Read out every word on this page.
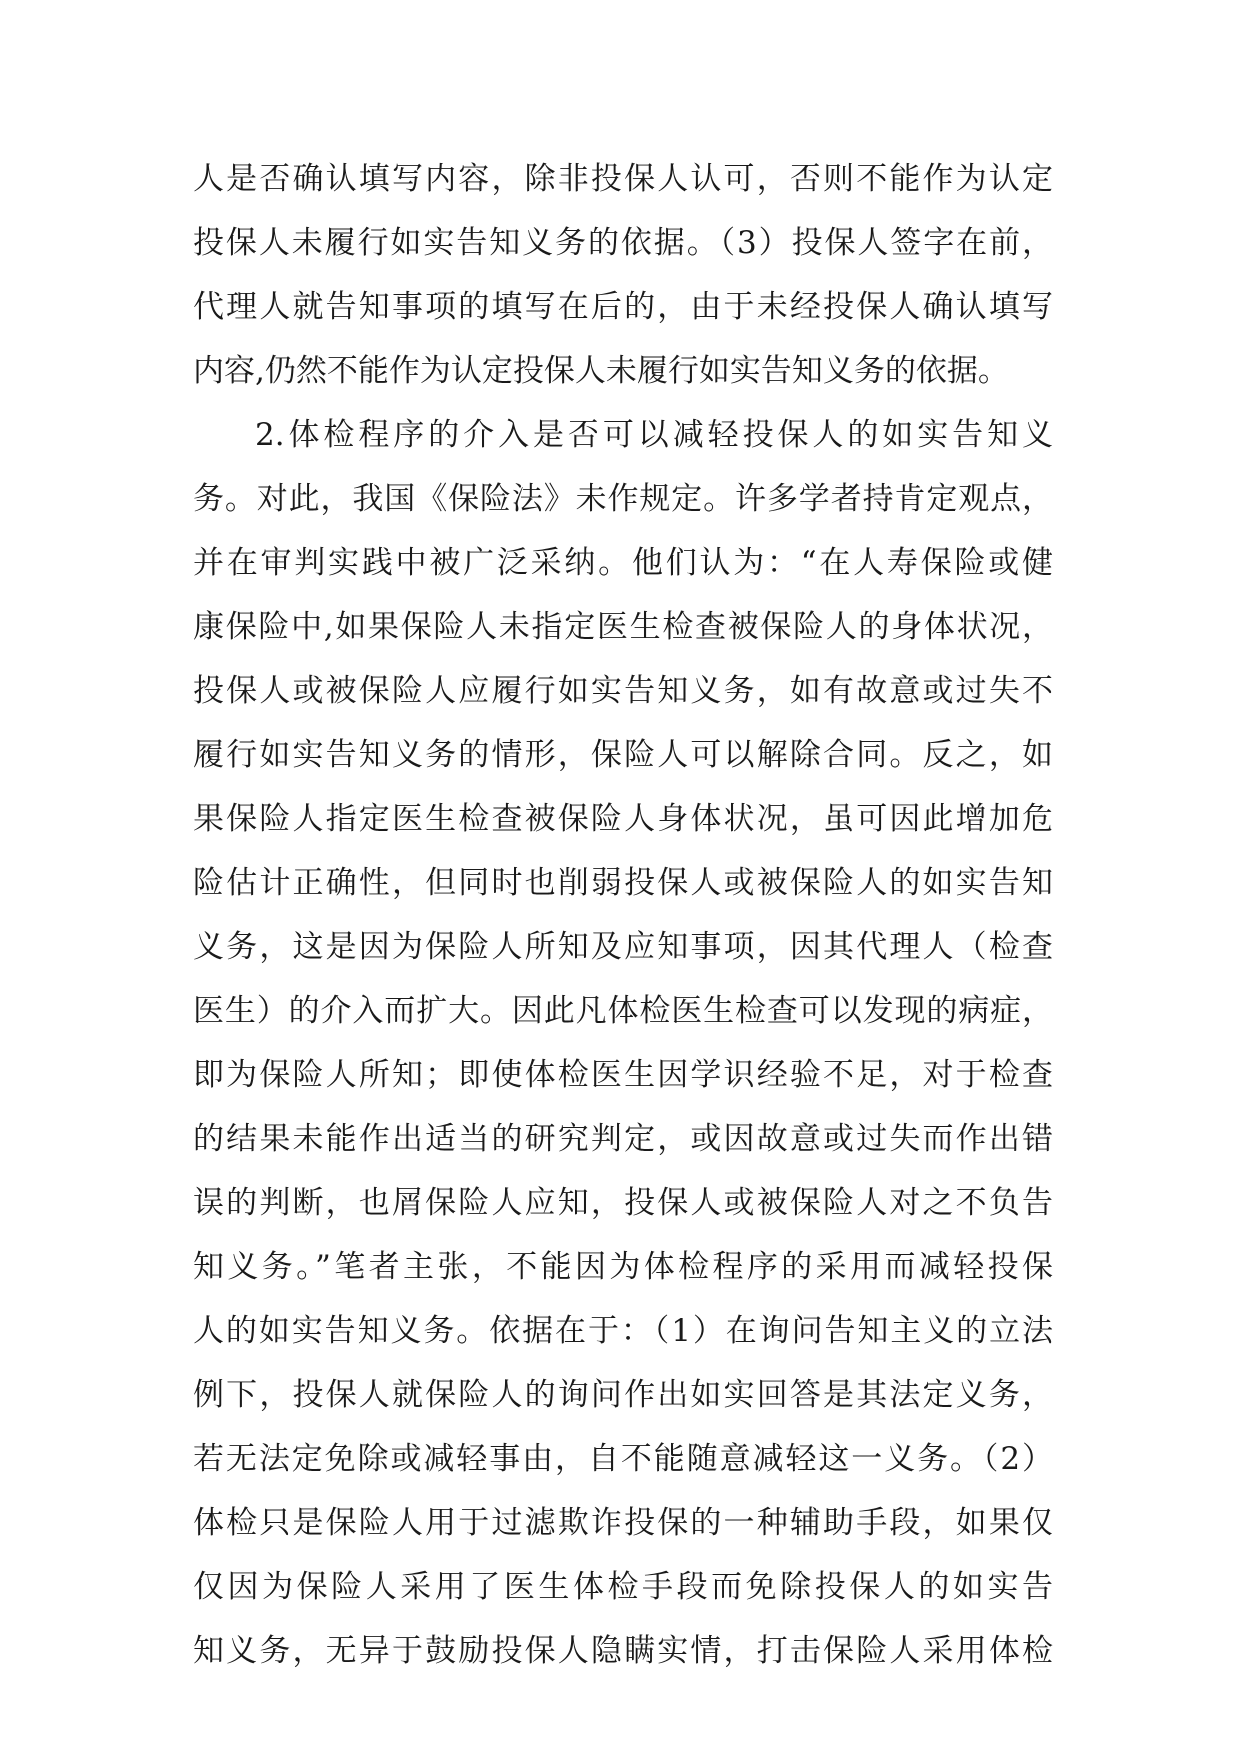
人是否确认填写内容，除非投保人认可，否则不能作为认定
投保人未履行如实告知义务的依据。（3）投保人签字在前，
代理人就告知事项的填写在后的，由于未经投保人确认填写
内容,仍然不能作为认定投保人未履行如实告知义务的依据。
2.体检程序的介入是否可以减轻投保人的如实告知义
务。对此，我国《保险法》未作规定。许多学者持肯定观点，
并在审判实践中被广泛采纳。他们认为：“在人寿保险或健
康保险中,如果保险人未指定医生检查被保险人的身体状况，
投保人或被保险人应履行如实告知义务，如有故意或过失不
履行如实告知义务的情形，保险人可以解除合同。反之，如
果保险人指定医生检查被保险人身体状况，虽可因此增加危
险估计正确性，但同时也削弱投保人或被保险人的如实告知
义务，这是因为保险人所知及应知事项，因其代理人（检查
医生）的介入而扩大。因此凡体检医生检查可以发现的病症，
即为保险人所知；即使体检医生因学识经验不足，对于检查
的结果未能作出适当的研究判定，或因故意或过失而作出错
误的判断，也屑保险人应知，投保人或被保险人对之不负告
知义务。”笔者主张，不能因为体检程序的采用而减轻投保
人的如实告知义务。依据在于：（1）在询问告知主义的立法
例下，投保人就保险人的询问作出如实回答是其法定义务，
若无法定免除或减轻事由，自不能随意减轻这一义务。（2）
体检只是保险人用于过滤欺诈投保的一种辅助手段，如果仅
仅因为保险人采用了医生体检手段而免除投保人的如实告
知义务，无异于鼓励投保人隐瞒实情，打击保险人采用体检
